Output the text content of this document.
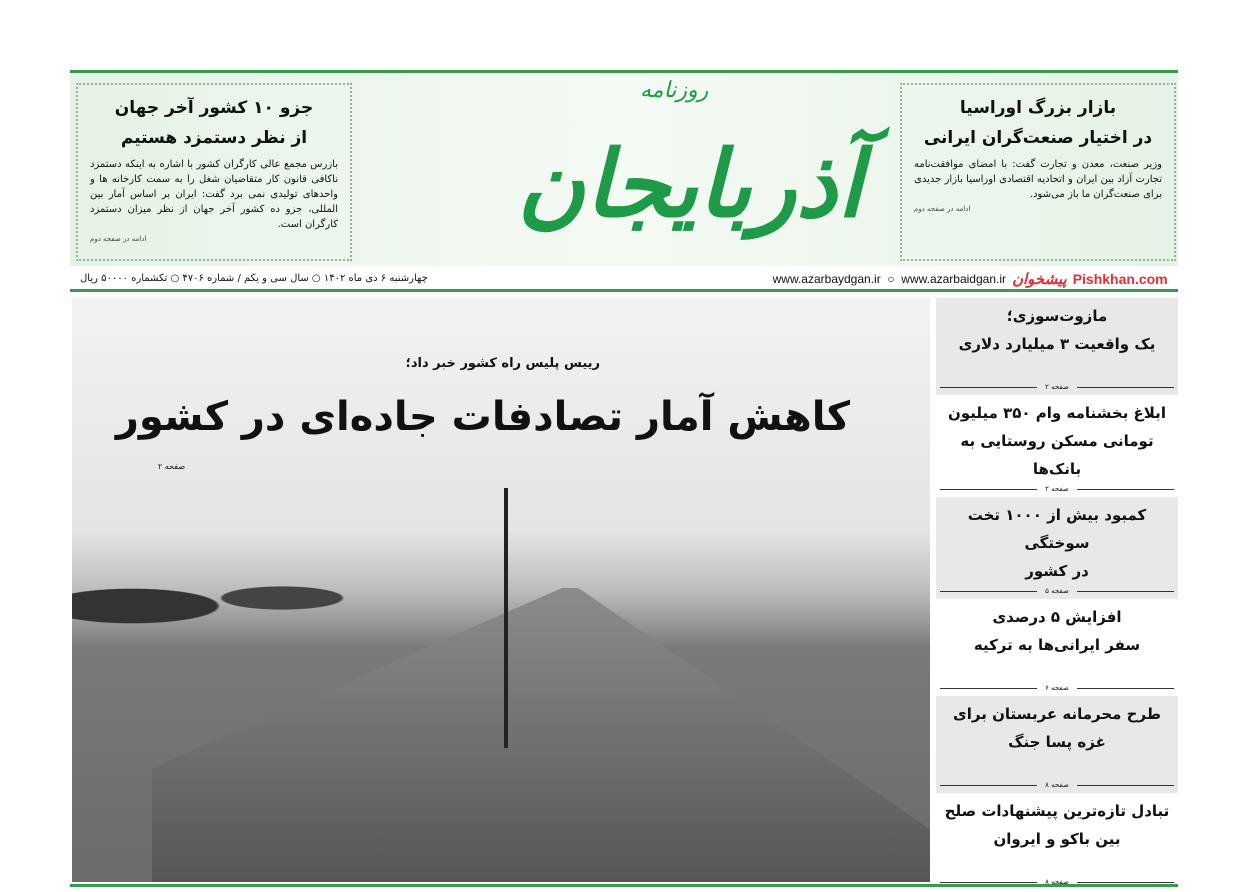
جزو ۱۰ کشور آخر جهان
از نظر دستمزد هستیم
بازرس مجمع عالی کارگران کشور با اشاره به اینکه دستمزد ناکافی قانون کار متقاضیان شغل را به سمت کارخانه ها و واحدهای تولیدی نمی برد گفت: ایران بر اساس آمار بین المللی، جزو ده کشور آخر جهان از نظر میزان دستمزد کارگران است.
ادامه در صفحه دوم
روزنامه
آذربایجان
بازار بزرگ اوراسیا
در اختیار صنعت‌گران ایرانی
وزیر صنعت، معدن و تجارت گفت: با امضای موافقت‌نامه تجارت آزاد بین ایران و اتحادیه اقتصادی اوراسیا بازار جدیدی برای صنعت‌گران ما باز می‌شود.
ادامه در صفحه دوم
چهارشنبه ۶ دی ماه ۱۴۰۲ ○ سال سی و یکم / شماره ۴۷۰۶ ○ تکشماره ۵۰۰۰۰ ریال	www.azarbaydgan.ir  ○  www.azarbaidgan.ir پیشخوان Pishkhan.com
رییس پلیس راه کشور خبر داد؛
کاهش آمار تصادفات جاده‌ای در کشور
صفحه ۲
مازوت‌سوزی؛
یک واقعیت ۳ میلیارد دلاری
صفحه ۲
ابلاغ بخشنامه وام ۳۵۰ میلیون
تومانی مسکن روستایی به بانک‌ها
صفحه ۲
کمبود بیش از ۱۰۰۰ تخت سوختگی
در کشور
صفحه ۵
افزایش ۵ درصدی
سفر ایرانی‌ها به ترکیه
صفحه ۶
طرح محرمانه عربستان برای
غزه پسا جنگ
صفحه ۸
تبادل تازه‌ترین پیشنهادات صلح
بین باکو و ایروان
صفحه ۸
